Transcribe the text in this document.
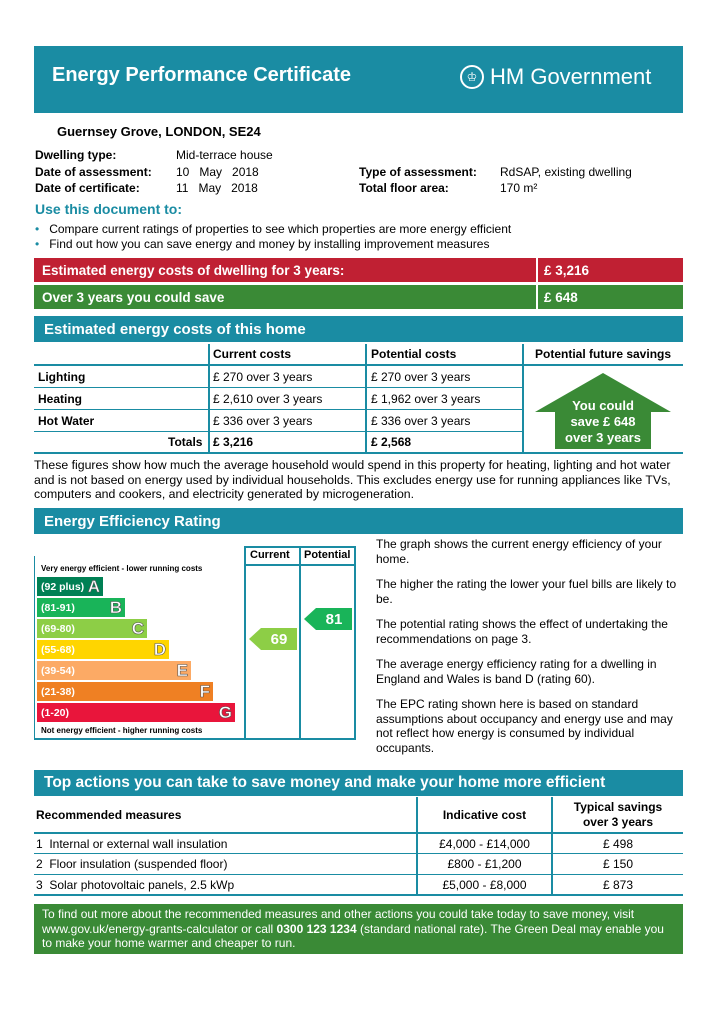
Energy Performance Certificate	♔ HM Government
Guernsey Grove, LONDON, SE24
Dwelling type:	Mid-terrace house
Date of assessment: 10   May   2018
Date of certificate:	11   May   2018
Type of assessment: RdSAP, existing dwelling
Total floor area:	170 m²
Use this document to:
• Compare current ratings of properties to see which properties are more energy efficient
• Find out how you can save energy and money by installing improvement measures
Estimated energy costs of dwelling for 3 years:	£ 3,216
Over 3 years you could save	£ 648
Estimated energy costs of this home
Current costs	Potential costs	Potential future savings
Lighting	£ 270 over 3 years	£ 270 over 3 years
Heating	£ 2,610 over 3 years	£ 1,962 over 3 years
Hot Water	£ 336 over 3 years	£ 336 over 3 years
Totals £ 3,216	£ 2,568
You could
save £ 648
over 3 years
These figures show how much the average household would spend in this property for heating, lighting and hot water and is not based on energy used by individual households. This excludes energy use for running appliances like TVs, computers and cookers, and electricity generated by microgeneration.
Energy Efficiency Rating
Current Potential
Very energy efficient - lower running costs
Not energy efficient - higher running costs
(92 plus) A
(81-91) B
(69-80)	C
(55-68)	D
(39-54)	E
(21-38)	F
(1-20)	G
69
81
The graph shows the current energy efficiency of your home.
The higher the rating the lower your fuel bills are likely to be.
The potential rating shows the effect of undertaking the recommendations on page 3.
The average energy efficiency rating for a dwelling in England and Wales is band D (rating 60).
The EPC rating shown here is based on standard assumptions about occupancy and energy use and may not reflect how energy is consumed by individual occupants.
Top actions you can take to save money and make your home more efficient
Recommended measures	Indicative cost
Typical savings
over 3 years
1  Internal or external wall insulation	£4,000 - £14,000	£ 498
2  Floor insulation (suspended floor)	£800 - £1,200	£ 150
3  Solar photovoltaic panels, 2.5 kWp	£5,000 - £8,000	£ 873
To find out more about the recommended measures and other actions you could take today to save money, visit www.gov.uk/energy-grants-calculator or call 0300 123 1234 (standard national rate). The Green Deal may enable you to make your home warmer and cheaper to run.
